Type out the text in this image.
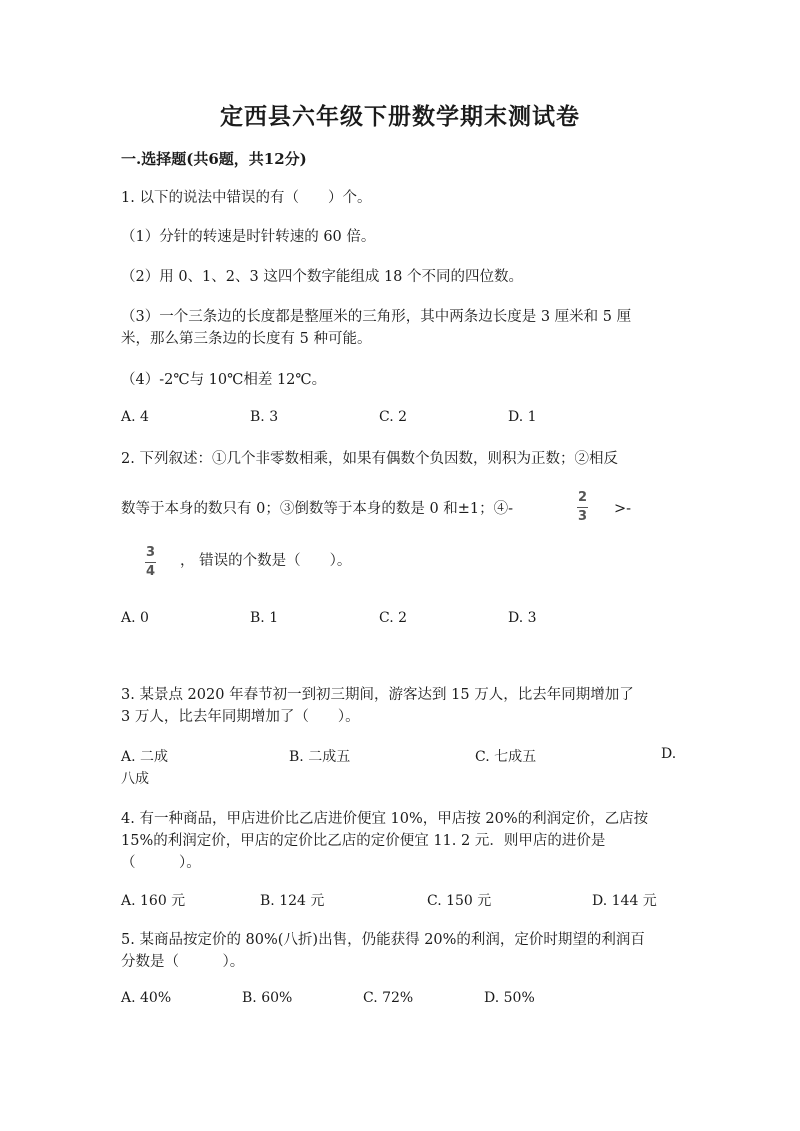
定西县六年级下册数学期末测试卷
一.选择题(共6题，共12分)
1. 以下的说法中错误的有（　　）个。
（1）分针的转速是时针转速的 60 倍。
（2）用 0、1、2、3 这四个数字能组成 18 个不同的四位数。
（3）一个三条边的长度都是整厘米的三角形，其中两条边长度是 3 厘米和 5 厘
米，那么第三条边的长度有 5 种可能。
（4）-2℃与 10℃相差 12℃。
A. 4	B. 3	C. 2	D. 1
2. 下列叙述：①几个非零数相乘，如果有偶数个负因数，则积为正数；②相反
数等于本身的数只有 0；③倒数等于本身的数是 0 和±1；④-
2
3 >-
3
4
， 错误的个数是（　　）。
A. 0	B. 1	C. 2	D. 3
3. 某景点 2020 年春节初一到初三期间，游客达到 15 万人，比去年同期增加了
3 万人，比去年同期增加了（　　）。
A. 二成	B. 二成五	C. 七成五	D.
八成
4. 有一种商品，甲店进价比乙店进价便宜 10%，甲店按 20%的利润定价，乙店按
15%的利润定价，甲店的定价比乙店的定价便宜 11. 2 元．则甲店的进价是
（　　　）。
A. 160 元	B. 124 元	C. 150 元	D. 144 元
5. 某商品按定价的 80%(八折)出售，仍能获得 20%的利润，定价时期望的利润百
分数是（　　　）。
A. 40%	B. 60%	C. 72%	D. 50%
